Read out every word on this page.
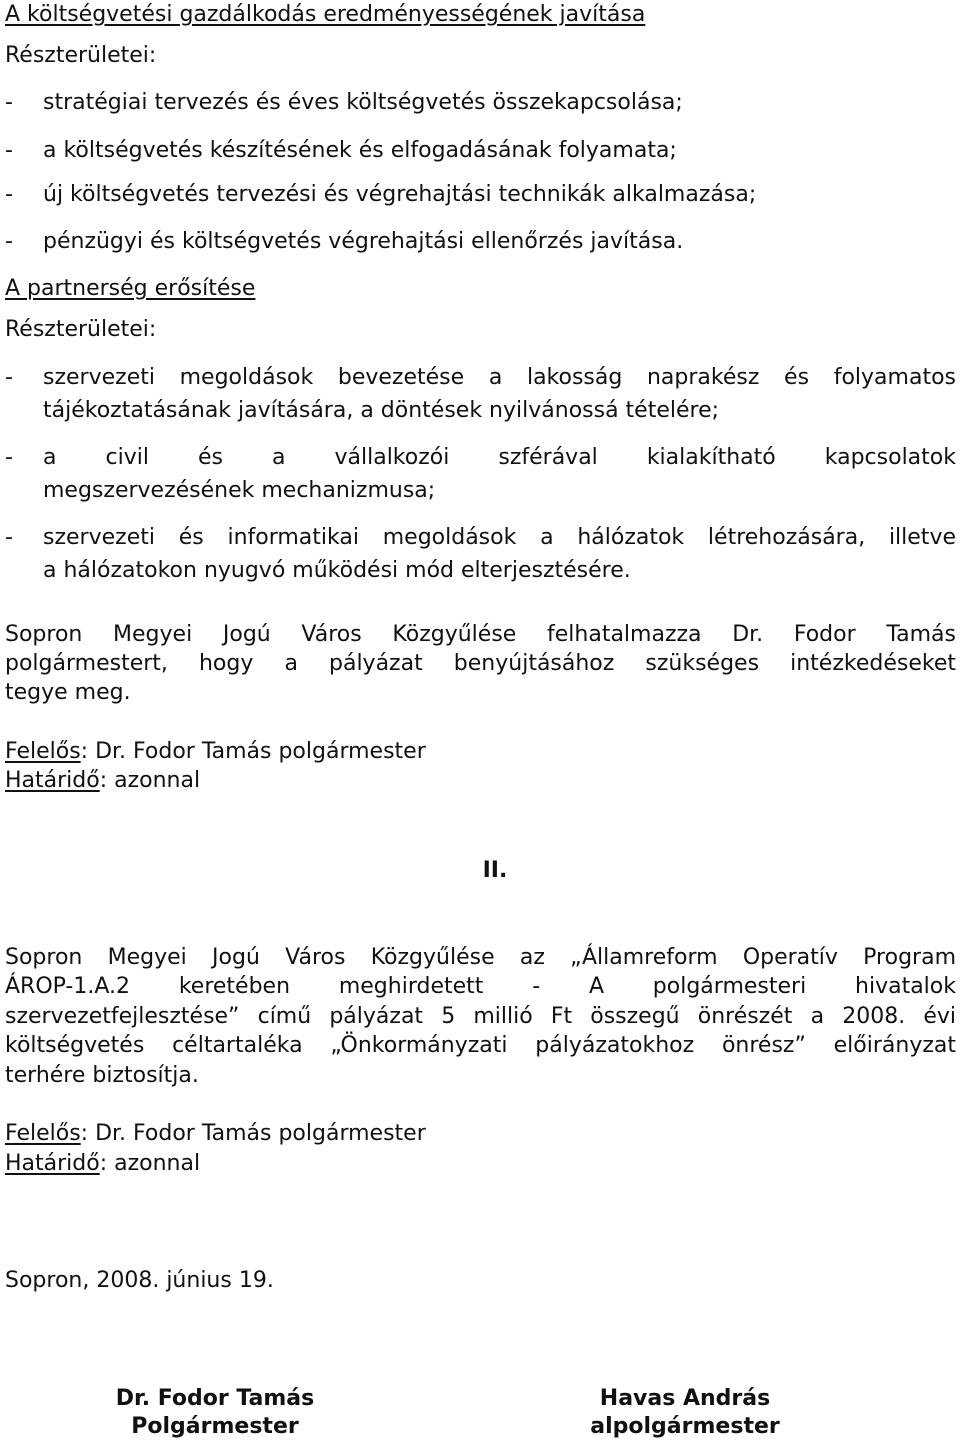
A költségvetési gazdálkodás eredményességének javítása
Részterületei:
- stratégiai tervezés és éves költségvetés összekapcsolása;
- a költségvetés készítésének és elfogadásának folyamata;
- új költségvetés tervezési és végrehajtási technikák alkalmazása;
- pénzügyi és költségvetés végrehajtási ellenőrzés javítása.
A partnerség erősítése
Részterületei:
- szervezeti megoldások bevezetése a lakosság naprakész és folyamatos
tájékoztatásának javítására, a döntések nyilvánossá tételére;
- a civil és a vállalkozói szférával kialakítható kapcsolatok
megszervezésének mechanizmusa;
- szervezeti és informatikai megoldások a hálózatok létrehozására, illetve
a hálózatokon nyugvó működési mód elterjesztésére.
Sopron Megyei Jogú Város Közgyűlése felhatalmazza Dr. Fodor Tamás
polgármestert, hogy a pályázat benyújtásához szükséges intézkedéseket
tegye meg.
Felelős: Dr. Fodor Tamás polgármester
Határidő: azonnal
II.
Sopron Megyei Jogú Város Közgyűlése az „Államreform Operatív Program
ÁROP-1.A.2 keretében meghirdetett - A polgármesteri hivatalok
szervezetfejlesztése” című pályázat 5 millió Ft összegű önrészét a 2008. évi
költségvetés céltartaléka „Önkormányzati pályázatokhoz önrész” előirányzat
terhére biztosítja.
Felelős: Dr. Fodor Tamás polgármester
Határidő: azonnal
Sopron, 2008. június 19.
Dr. Fodor Tamás
Polgármester
Havas András
alpolgármester
